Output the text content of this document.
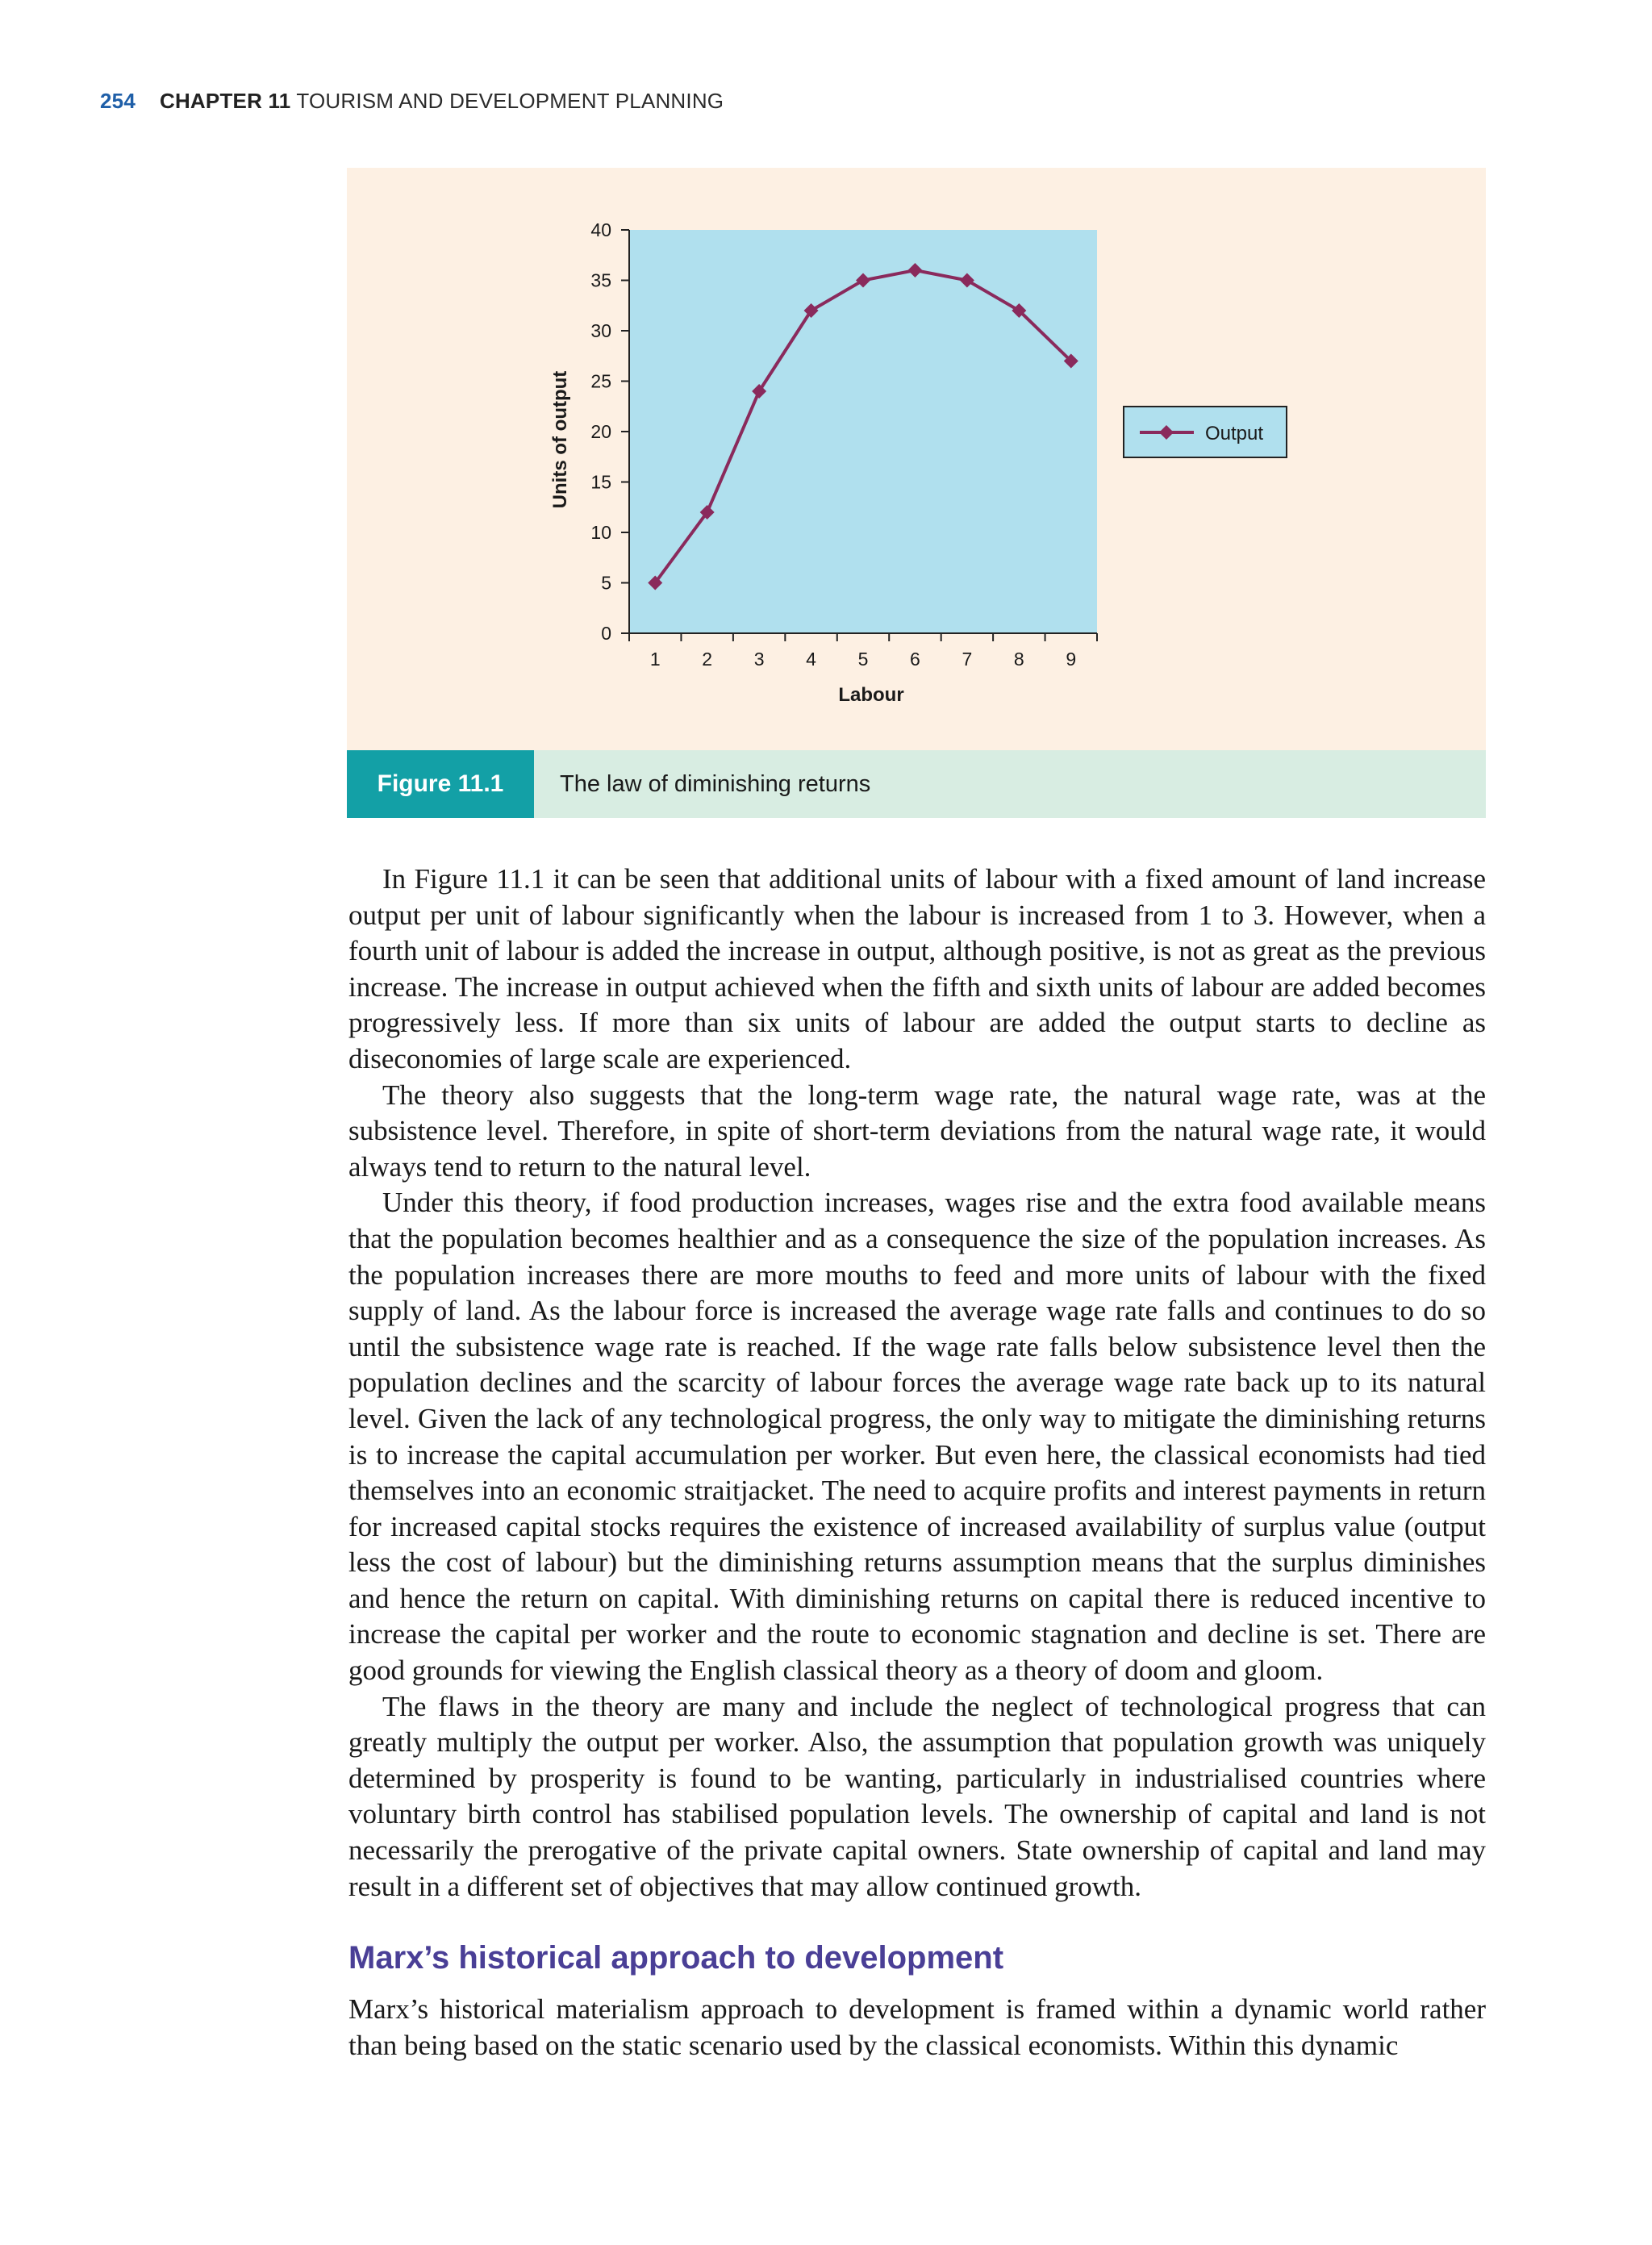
254 CHAPTER 11 TOURISM AND DEVELOPMENT PLANNING
0
5
10
15
20
25
30
35
40
1 2 3 4 5 6 7 8 9
Units of output
Labour
Output
Figure 11.1	The law of diminishing returns

In Figure 11.1 it can be seen that additional units of labour with a fixed amount of land increase output per unit of labour significantly when the labour is increased from 1 to 3. However, when a fourth unit of labour is added the increase in output, although positive, is not as great as the previous increase. The increase in output achieved when the fifth and sixth units of labour are added becomes progressively less. If more than six units of labour are added the output starts to decline as diseconomies of large scale are experienced.

The theory also suggests that the long-term wage rate, the natural wage rate, was at the subsistence level. Therefore, in spite of short-term deviations from the natural wage rate, it would always tend to return to the natural level.

Under this theory, if food production increases, wages rise and the extra food available means that the population becomes healthier and as a consequence the size of the population increases. As the population increases there are more mouths to feed and more units of labour with the fixed supply of land. As the labour force is increased the average wage rate falls and continues to do so until the subsistence wage rate is reached. If the wage rate falls below subsistence level then the population declines and the scarcity of labour forces the average wage rate back up to its natural level. Given the lack of any technological progress, the only way to mitigate the diminishing returns is to increase the capital accumulation per worker. But even here, the classical economists had tied themselves into an economic straitjacket. The need to acquire profits and interest payments in return for increased capital stocks requires the existence of increased availability of surplus value (output less the cost of labour) but the diminishing returns assumption means that the surplus diminishes and hence the return on capital. With diminishing returns on capital there is reduced incentive to increase the capital per worker and the route to economic stagnation and decline is set. There are good grounds for viewing the English classical theory as a theory of doom and gloom.

The flaws in the theory are many and include the neglect of technological progress that can greatly multiply the output per worker. Also, the assumption that population growth was uniquely determined by prosperity is found to be wanting, particularly in industrialised countries where voluntary birth control has stabilised population levels. The ownership of capital and land is not necessarily the prerogative of the private capital owners. State ownership of capital and land may result in a different set of objectives that may allow continued growth.

Marx’s historical approach to development

Marx’s historical materialism approach to development is framed within a dynamic world rather than being based on the static scenario used by the classical economists. Within this dynamic
